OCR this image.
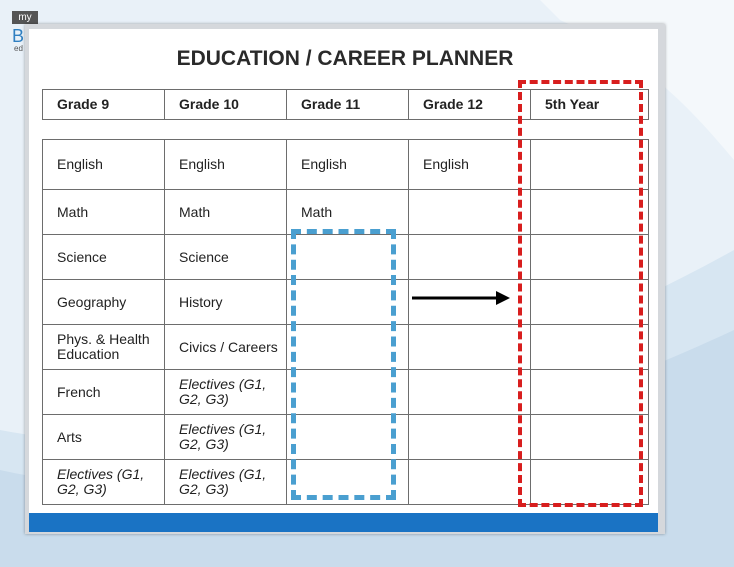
my
B
ed	EDUCATION / CAREER PLANNER
Grade 9	Grade 10	Grade 11	Grade 12	5th Year
English	English	English	English	
Math	Math	Math		
Science	Science			
Geography	History			
Phys. & Health Education	Civics / Careers			
French	Electives (G1, G2, G3)			
Arts	Electives (G1, G2, G3)			
Electives (G1, G2, G3)	Electives (G1, G2, G3)			
